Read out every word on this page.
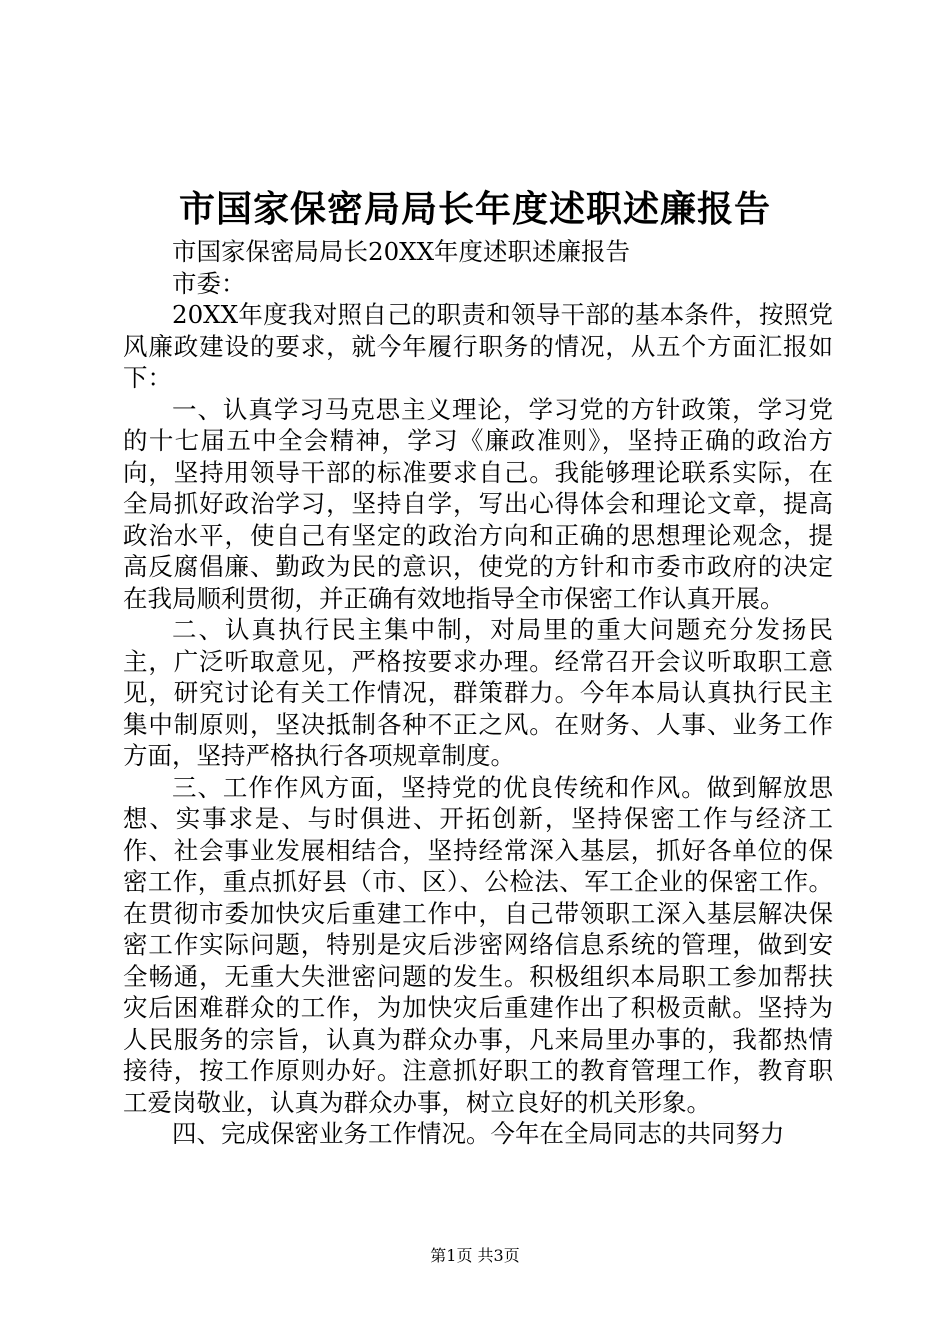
市国家保密局局长年度述职述廉报告

市国家保密局局长20XX年度述职述廉报告

市委：

20XX年度我对照自己的职责和领导干部的基本条件，按照党风廉政建设的要求，就今年履行职务的情况，从五个方面汇报如下：

一、认真学习马克思主义理论，学习党的方针政策，学习党的十七届五中全会精神，学习《廉政准则》，坚持正确的政治方向，坚持用领导干部的标准要求自己。我能够理论联系实际，在全局抓好政治学习，坚持自学，写出心得体会和理论文章，提高政治水平，使自己有坚定的政治方向和正确的思想理论观念，提高反腐倡廉、勤政为民的意识，使党的方针和市委市政府的决定在我局顺利贯彻，并正确有效地指导全市保密工作认真开展。

二、认真执行民主集中制，对局里的重大问题充分发扬民主，广泛听取意见，严格按要求办理。经常召开会议听取职工意见，研究讨论有关工作情况，群策群力。今年本局认真执行民主集中制原则，坚决抵制各种不正之风。在财务、人事、业务工作方面，坚持严格执行各项规章制度。

三、工作作风方面，坚持党的优良传统和作风。做到解放思想、实事求是、与时俱进、开拓创新，坚持保密工作与经济工作、社会事业发展相结合，坚持经常深入基层，抓好各单位的保密工作，重点抓好县（市、区）、公检法、军工企业的保密工作。在贯彻市委加快灾后重建工作中，自己带领职工深入基层解决保密工作实际问题，特别是灾后涉密网络信息系统的管理，做到安全畅通，无重大失泄密问题的发生。积极组织本局职工参加帮扶灾后困难群众的工作，为加快灾后重建作出了积极贡献。坚持为人民服务的宗旨，认真为群众办事，凡来局里办事的，我都热情接待，按工作原则办好。注意抓好职工的教育管理工作，教育职工爱岗敬业，认真为群众办事，树立良好的机关形象。

四、完成保密业务工作情况。今年在全局同志的共同努力

第1页 共3页
